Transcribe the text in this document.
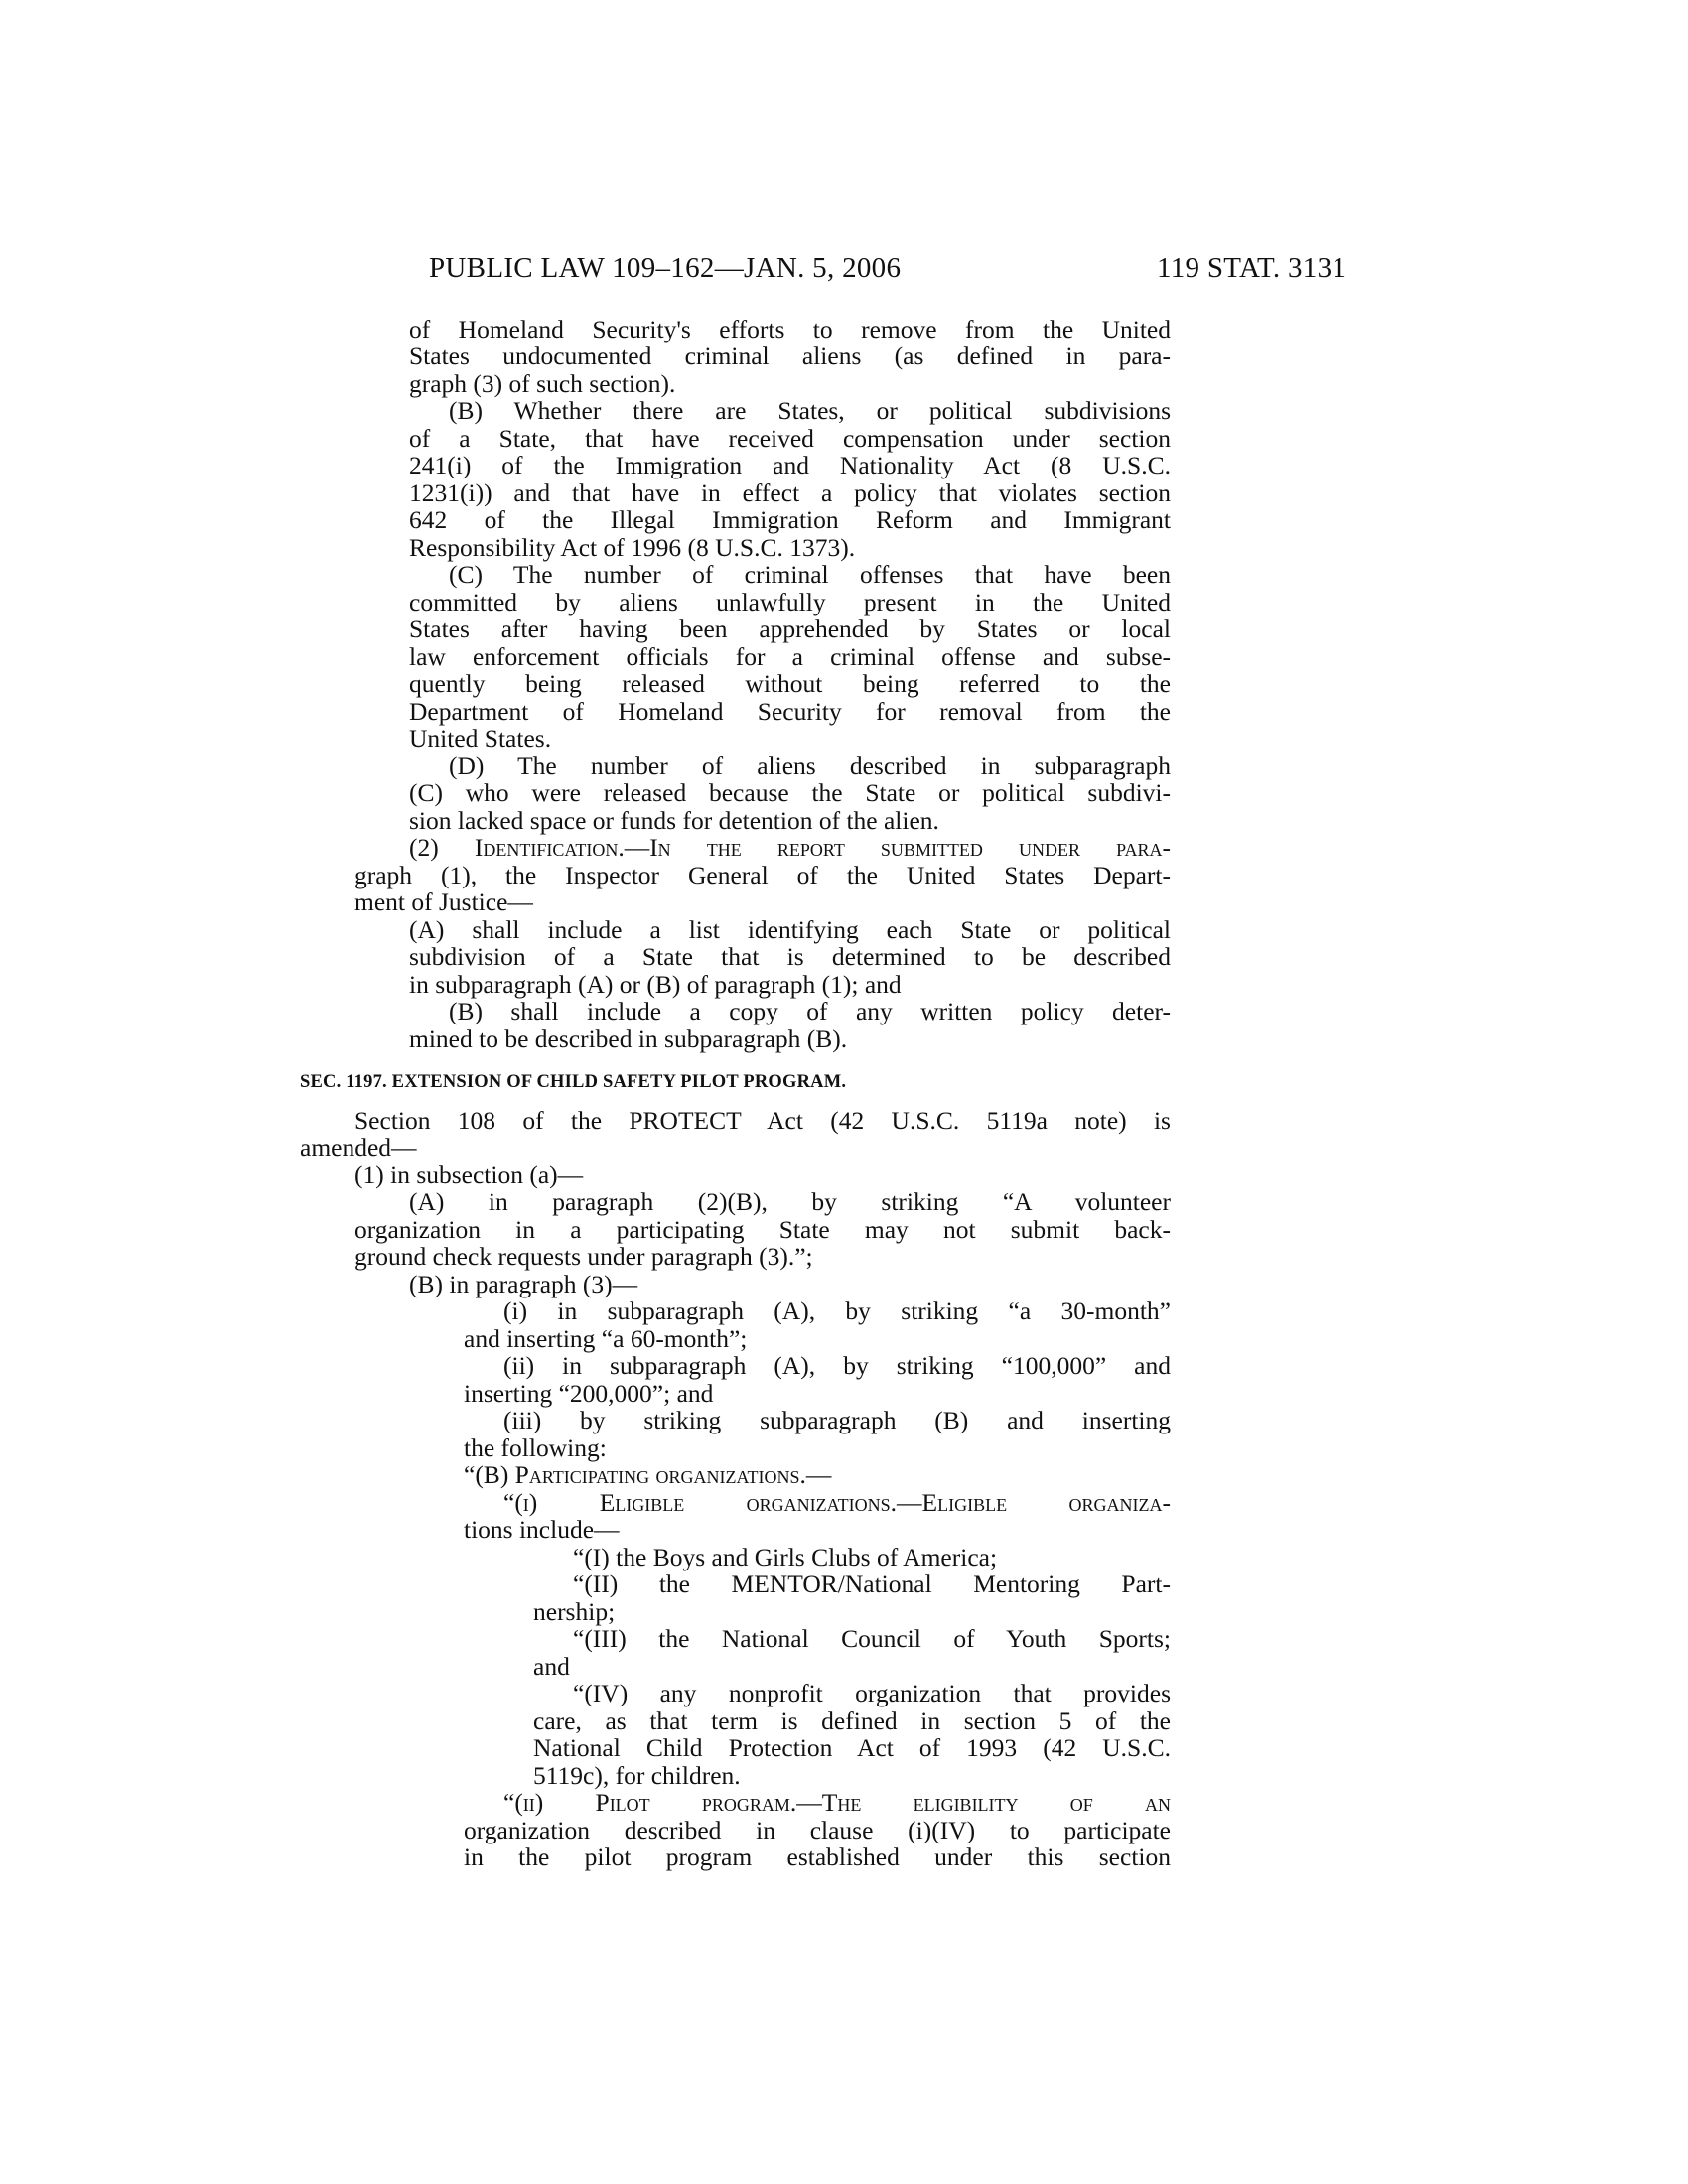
PUBLIC LAW 109–162—JAN. 5, 2006	119 STAT. 3131
of Homeland Security's efforts to remove from the United
States undocumented criminal aliens (as defined in para-
graph (3) of such section).
(B) Whether there are States, or political subdivisions
of a State, that have received compensation under section
241(i) of the Immigration and Nationality Act (8 U.S.C.
1231(i)) and that have in effect a policy that violates section
642 of the Illegal Immigration Reform and Immigrant
Responsibility Act of 1996 (8 U.S.C. 1373).
(C) The number of criminal offenses that have been
committed by aliens unlawfully present in the United
States after having been apprehended by States or local
law enforcement officials for a criminal offense and subse-
quently being released without being referred to the
Department of Homeland Security for removal from the
United States.
(D) The number of aliens described in subparagraph
(C) who were released because the State or political subdivi-
sion lacked space or funds for detention of the alien.
(2) Identification.—In the report submitted under para-
graph (1), the Inspector General of the United States Depart-
ment of Justice—
(A) shall include a list identifying each State or political
subdivision of a State that is determined to be described
in subparagraph (A) or (B) of paragraph (1); and
(B) shall include a copy of any written policy deter-
mined to be described in subparagraph (B).
SEC. 1197. EXTENSION OF CHILD SAFETY PILOT PROGRAM.
Section 108 of the PROTECT Act (42 U.S.C. 5119a note) is
amended—
(1) in subsection (a)—
(A) in paragraph (2)(B), by striking “A volunteer
organization in a participating State may not submit back-
ground check requests under paragraph (3).”;
(B) in paragraph (3)—
(i) in subparagraph (A), by striking “a 30-month”
and inserting “a 60-month”;
(ii) in subparagraph (A), by striking “100,000” and
inserting “200,000”; and
(iii) by striking subparagraph (B) and inserting
the following:
“(B) Participating organizations.—
“(i) Eligible organizations.—Eligible organiza-
tions include—
“(I) the Boys and Girls Clubs of America;
“(II) the MENTOR/National Mentoring Part-
nership;
“(III) the National Council of Youth Sports;
and
“(IV) any nonprofit organization that provides
care, as that term is defined in section 5 of the
National Child Protection Act of 1993 (42 U.S.C.
5119c), for children.
“(ii) Pilot program.—The eligibility of an
organization described in clause (i)(IV) to participate
in the pilot program established under this section
